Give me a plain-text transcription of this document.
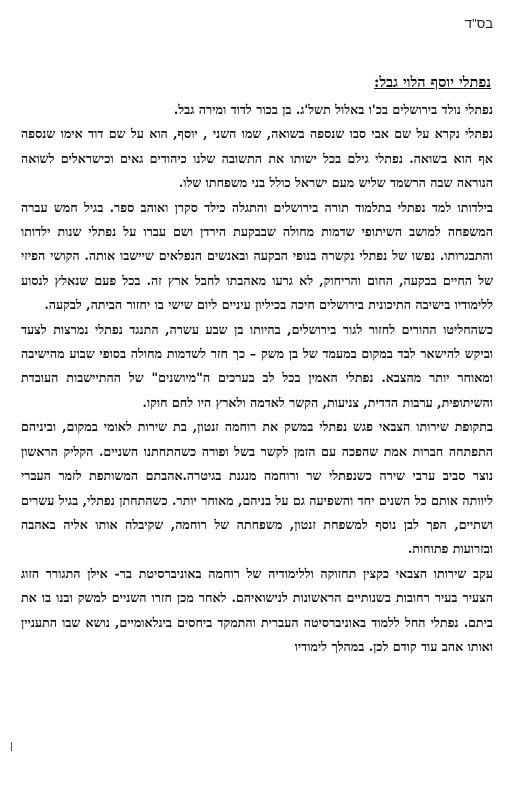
בס"ד
נפתלי יוסף הלוי גבל:

נפתלי נולד בירושלים בכ'ו באלול תשל'ג. בן בכור לדוד ומירה גבל.

נפתלי נקרא על שם אבי סבו שנספה בשואה, שמו השני , יוסף, הוא על שם דוד אימו שנספה אף הוא בשואה. נפתלי גילם בכל ישותו את התשובה שלנו כיהודים גאים וכישראלים לשואה הנוראה שבה הרשמד שליש מעם ישראל כולל בני משפחתו שלו.

בילדותו למד נפתלי בתלמוד תורה בירושלים והתגלה כילד סקרן ואוהב ספר. בגיל חמש עברה המשפחה למושב השיתופי שדמות מחולה שבבקעת הירדן ושם עברו על נפתלי שנות ילדותו והתבגרותו. נפשו של נפתלי נקשרה בנופי הבקעה ובאנשים הנפלאים שיישבו אותה. הקושי הפיזי של החיים בבקעה, החום והריחוק, לא גרעו מאהבתו לחבל ארץ זה. בכל פעם שנאלץ לנסוע ללימודיו בישיבה התיכונית בירושלים חיכה בכיליון עיניים ליום שישי בו יחזור הביתה, לבקעה.

כשהחליטו ההורים לחזור לגור בירושלים, בהיותו בן שבע עשרה, התנגד נפתלי נמרצות לצעד וביקש להישאר לבד במקום במעמד של בן משק – כך חזר לשדמות מחולה בסופי שבוע מהישיבה ומאוחר יותר מהצבא. נפתלי האמין בכל לב בערכים ה"מיושנים" של ההתיישבות העובדת והשיתופית, ערבות הדדית, צניעות, הקשר לאדמה ולארץ היו לחם חוקו.

בתקופת שירותו הצבאי פגש נפתלי במשק את רוחמה זנטון, בת שירות לאומי במקום, וביניהם התפתחה חברות אמת שהפכה עם הזמן לקשר בשל ופורה כשהתחתנו השניים. הקליק הראשון נוצר סביב ערבי שירה כשנפתלי שר ורוחמה מנגנת בגיטרה.אהבתם המשותפת לזמר העברי ליוותה אותם כל השנים יחד והשפיעה גם על בניהם, מאוחר יותר. כשהתחתן נפתלי, בגיל עשרים ושתיים, הפך לבן נוסף למשפחת זנטון, משפחתה של רוחמה, שקיבלה אותו אליה באהבה ובזרועות פתוחות.

עקב שירותו הצבאי כקצין תחזוקה וללימודיה של רוחמה באוניברסיטת בר- אילן התגורר הזוג הצעיר בעיר רחובות בשנותיים הראשונות לנישואיהם. לאחר מכן חזרו השניים למשק ובנו בו את ביתם. נפתלי החל ללמוד באוניברסיטה העברית והתמקד ביחסים בינלאומיים, נושא שבו התעניין ואותו אהב עוד קודם לכן. במהלך לימודיו
